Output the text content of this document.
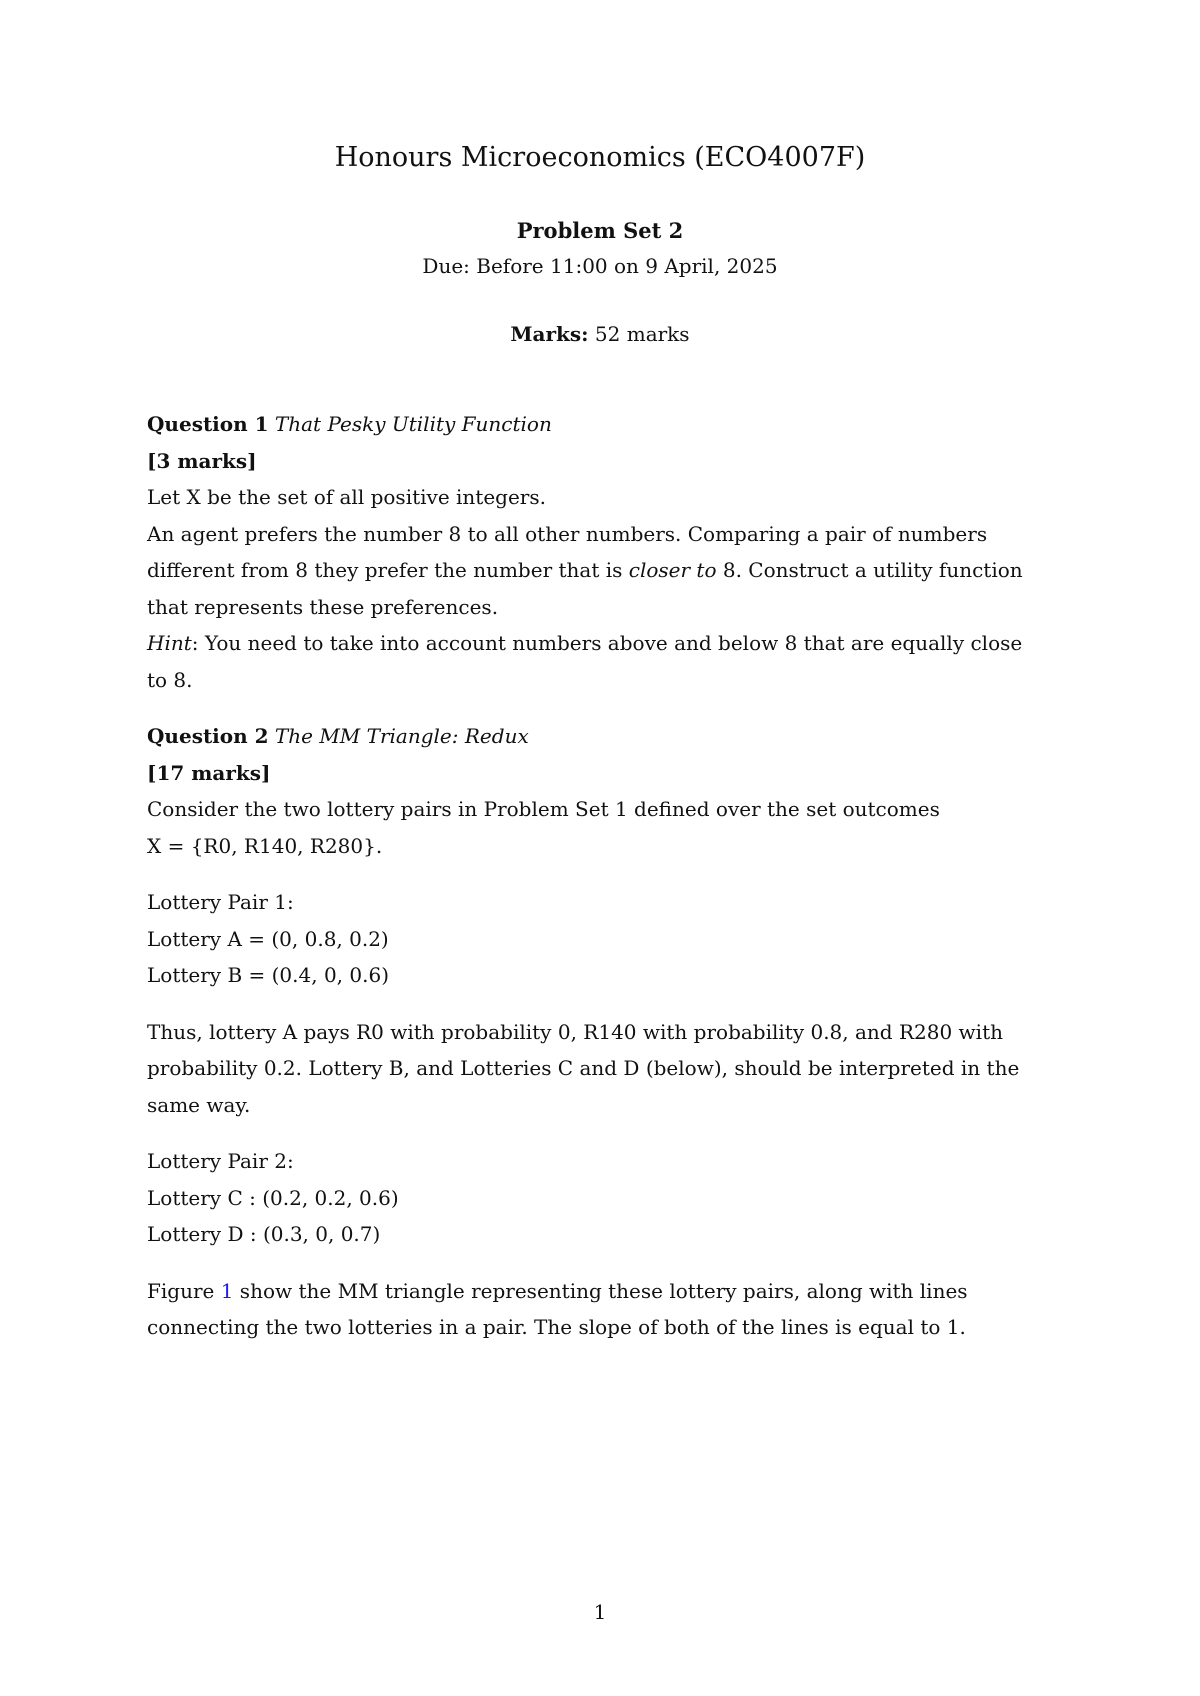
Honours Microeconomics (ECO4007F)
Problem Set 2
Due: Before 11:00 on 9 April, 2025
Marks: 52 marks
Question 1 That Pesky Utility Function
[3 marks]
Let X be the set of all positive integers.
An agent prefers the number 8 to all other numbers. Comparing a pair of numbers
different from 8 they prefer the number that is closer to 8. Construct a utility function
that represents these preferences.
Hint: You need to take into account numbers above and below 8 that are equally close
to 8.
Question 2 The MM Triangle: Redux
[17 marks]
Consider the two lottery pairs in Problem Set 1 defined over the set outcomes
X = {R0, R140, R280}.
Lottery Pair 1:
Lottery A = (0, 0.8, 0.2)
Lottery B = (0.4, 0, 0.6)
Thus, lottery A pays R0 with probability 0, R140 with probability 0.8, and R280 with
probability 0.2. Lottery B, and Lotteries C and D (below), should be interpreted in the
same way.
Lottery Pair 2:
Lottery C : (0.2, 0.2, 0.6)
Lottery D : (0.3, 0, 0.7)
Figure 1 show the MM triangle representing these lottery pairs, along with lines
connecting the two lotteries in a pair. The slope of both of the lines is equal to 1.
1
